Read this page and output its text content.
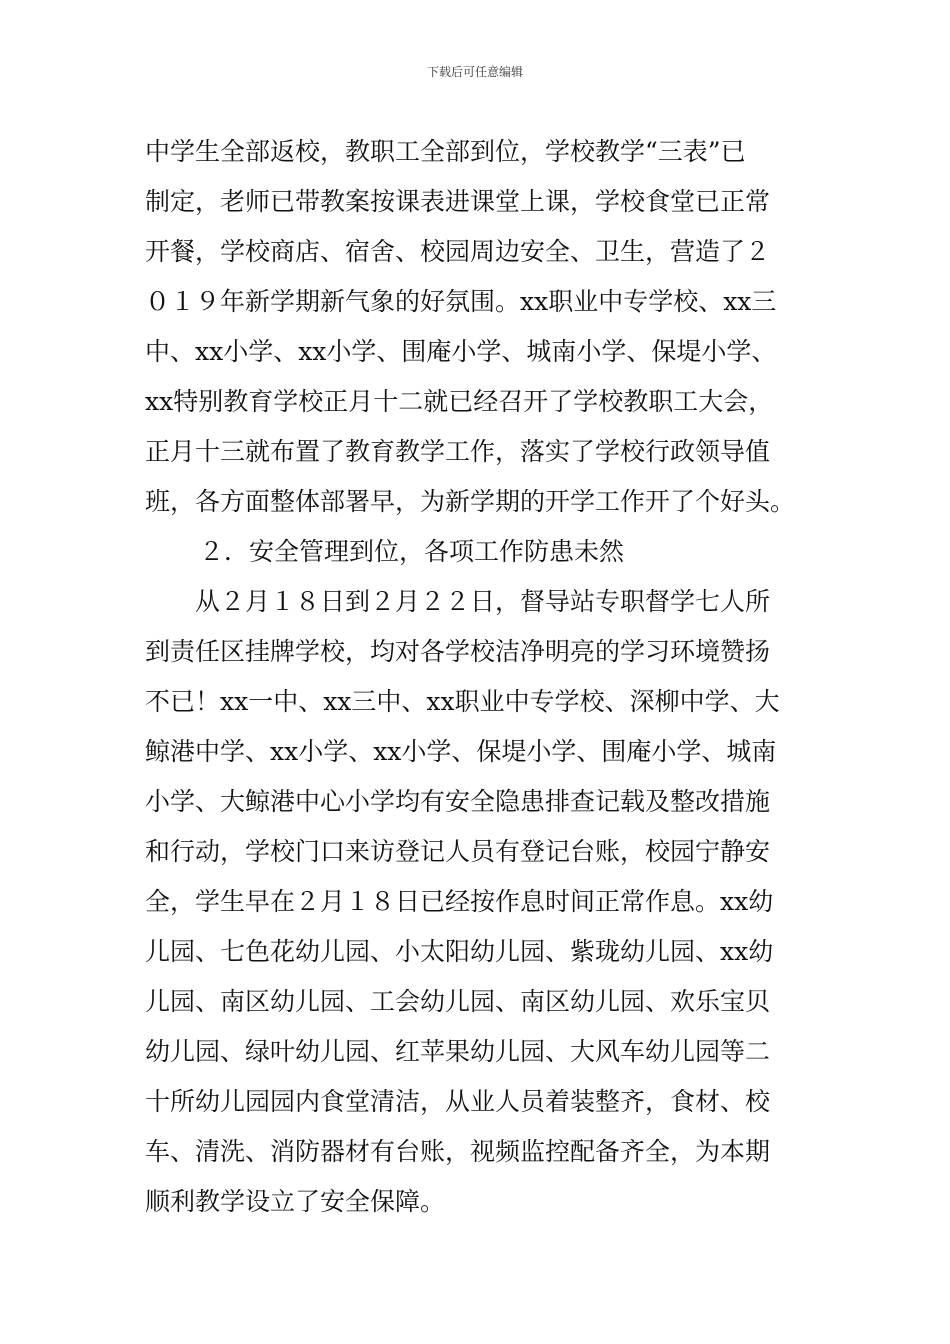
下载后可任意编辑
中学生全部返校，教职工全部到位，学校教学“三表”已
制定，老师已带教案按课表进课堂上课，学校食堂已正常
开餐，学校商店、宿舍、校园周边安全、卫生，营造了２
０１９年新学期新气象的好氛围。xx职业中专学校、xx三
中、xx小学、xx小学、围庵小学、城南小学、保堤小学、
xx特别教育学校正月十二就已经召开了学校教职工大会，
正月十三就布置了教育教学工作，落实了学校行政领导值
班，各方面整体部署早，为新学期的开学工作开了个好头。
２．安全管理到位，各项工作防患未然
从２月１８日到２月２２日，督导站专职督学七人所
到责任区挂牌学校，均对各学校洁净明亮的学习环境赞扬
不已！xx一中、xx三中、xx职业中专学校、深柳中学、大
鲸港中学、xx小学、xx小学、保堤小学、围庵小学、城南
小学、大鲸港中心小学均有安全隐患排查记载及整改措施
和行动，学校门口来访登记人员有登记台账，校园宁静安
全，学生早在２月１８日已经按作息时间正常作息。xx幼
儿园、七色花幼儿园、小太阳幼儿园、紫珑幼儿园、xx幼
儿园、南区幼儿园、工会幼儿园、南区幼儿园、欢乐宝贝
幼儿园、绿叶幼儿园、红苹果幼儿园、大风车幼儿园等二
十所幼儿园园内食堂清洁，从业人员着装整齐，食材、校
车、清洗、消防器材有台账，视频监控配备齐全，为本期
顺利教学设立了安全保障。
